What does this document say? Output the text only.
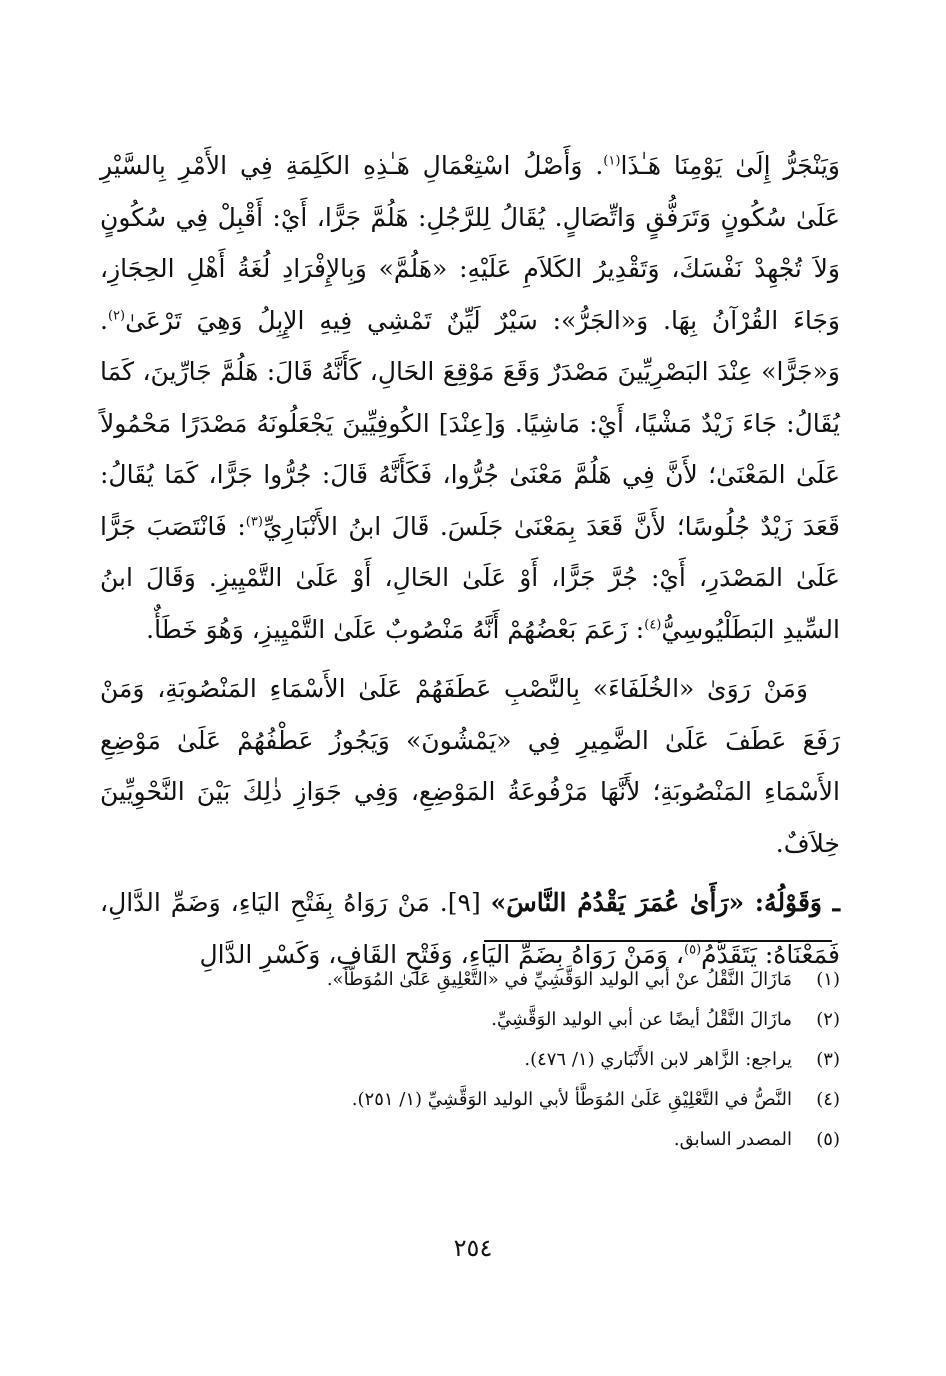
وَيَنْجَرُّ إِلَىٰ يَوْمِنَا هَـٰذَا$^{(١)}$. وَأَصْلُ اسْتِعْمَالِ هَـٰذِهِ الكَلِمَةِ فِي الأَمْرِ بِالسَّيْرِ عَلَىٰ سُكُونٍ وَتَرَفُّقٍ وَاتِّصَالٍ. يُقَالُ لِلرَّجُلِ: هَلُمَّ جَرًّا، أَيْ: أَقْبِلْ فِي سُكُونٍ وَلاَ تُجْهِدْ نَفْسَكَ، وَتَقْدِيرُ الكَلاَمِ عَلَيْهِ: «هَلُمَّ» وَبِالإِفْرَادِ لُغَةُ أَهْلِ الحِجَازِ، وَجَاءَ القُرْآنُ بِهَا. وَ«الجَرُّ»: سَيْرٌ لَيِّنٌ تَمْشِي فِيهِ الإِبِلُ وَهِيَ تَرْعَىٰ$^{(٢)}$. وَ«جَرًّا» عِنْدَ البَصْرِيِّينَ مَصْدَرٌ وَقَعَ مَوْقِعَ الحَالِ، كَأَنَّهُ قَالَ: هَلُمَّ جَارِّينَ، كَمَا يُقَالُ: جَاءَ زَيْدٌ مَشْيًا، أَيْ: مَاشِيًا. وَ[عِنْدَ] الكُوفِيِّينَ يَجْعَلُونَهُ مَصْدَرًا مَحْمُولاً عَلَىٰ المَعْنَىٰ؛ لأَنَّ فِي هَلُمَّ مَعْنَىٰ جُرُّوا، فَكَأَنَّهُ قَالَ: جُرُّوا جَرًّا، كَمَا يُقَالُ: قَعَدَ زَيْدٌ جُلُوسًا؛ لأَنَّ قَعَدَ بِمَعْنَىٰ جَلَسَ. قَالَ ابنُ الأَنْبَارِيِّ$^{(٣)}$: فَانْتَصَبَ جَرًّا عَلَىٰ المَصْدَرِ، أَيْ: جُرَّ جَرًّا، أَوْ عَلَىٰ الحَالِ، أَوْ عَلَىٰ التَّمْيِيزِ. وَقَالَ ابنُ السِّيدِ البَطَلْيُوسِيُّ$^{(٤)}$: زَعَمَ بَعْضُهُمْ أَنَّهُ مَنْصُوبٌ عَلَىٰ التَّمْيِيزِ، وَهُوَ خَطَأٌ.

وَمَنْ رَوَىٰ «الخُلَفَاءَ» بِالنَّصْبِ عَطَفَهُمْ عَلَىٰ الأَسْمَاءِ المَنْصُوبَةِ، وَمَنْ رَفَعَ عَطَفَ عَلَىٰ الضَّمِيرِ فِي «يَمْشُونَ» وَيَجُوزُ عَطْفُهُمْ عَلَىٰ مَوْضِعِ الأَسْمَاءِ المَنْصُوبَةِ؛ لأَنَّهَا مَرْفُوعَةُ المَوْضِعِ، وَفِي جَوَازِ ذٰلِكَ بَيْنَ النَّحْوِيِّينَ خِلاَفٌ.

ـ وَقَوْلُهُ: «رَأَىٰ عُمَرَ يَقْدُمُ النَّاسَ» [٩]. مَنْ رَوَاهُ بِفَتْحِ اليَاءِ، وَضَمِّ الدَّالِ، فَمَعْنَاهُ: يَتَقَدَّمُ$^{(٥)}$، وَمَنْ رَوَاهُ بِضَمِّ اليَاءِ، وَفَتْحِ القَافِ، وَكَسْرِ الدَّالِ

(١)
مَازَالَ النَّقْلُ عنْ أبي الوليد الوَقَّشِيِّ في «التَّعْلِيقِ عَلَىٰ المُوَطَّأ».
(٢)
مازَالَ النَّقْلُ أيضًا عن أبي الوليد الوَقَّشِيِّ.
(٣)
يراجع: الزَّاهر لابن الأَنْبَاري (١/ ٤٧٦).
(٤)
النَّصُّ في التَّعْلِيْقِ عَلَىٰ المُوَطَّأ لأبي الوليد الوَقَّشِيِّ (١/ ٢٥١).
(٥)
المصدر السابق.
٢٥٤
